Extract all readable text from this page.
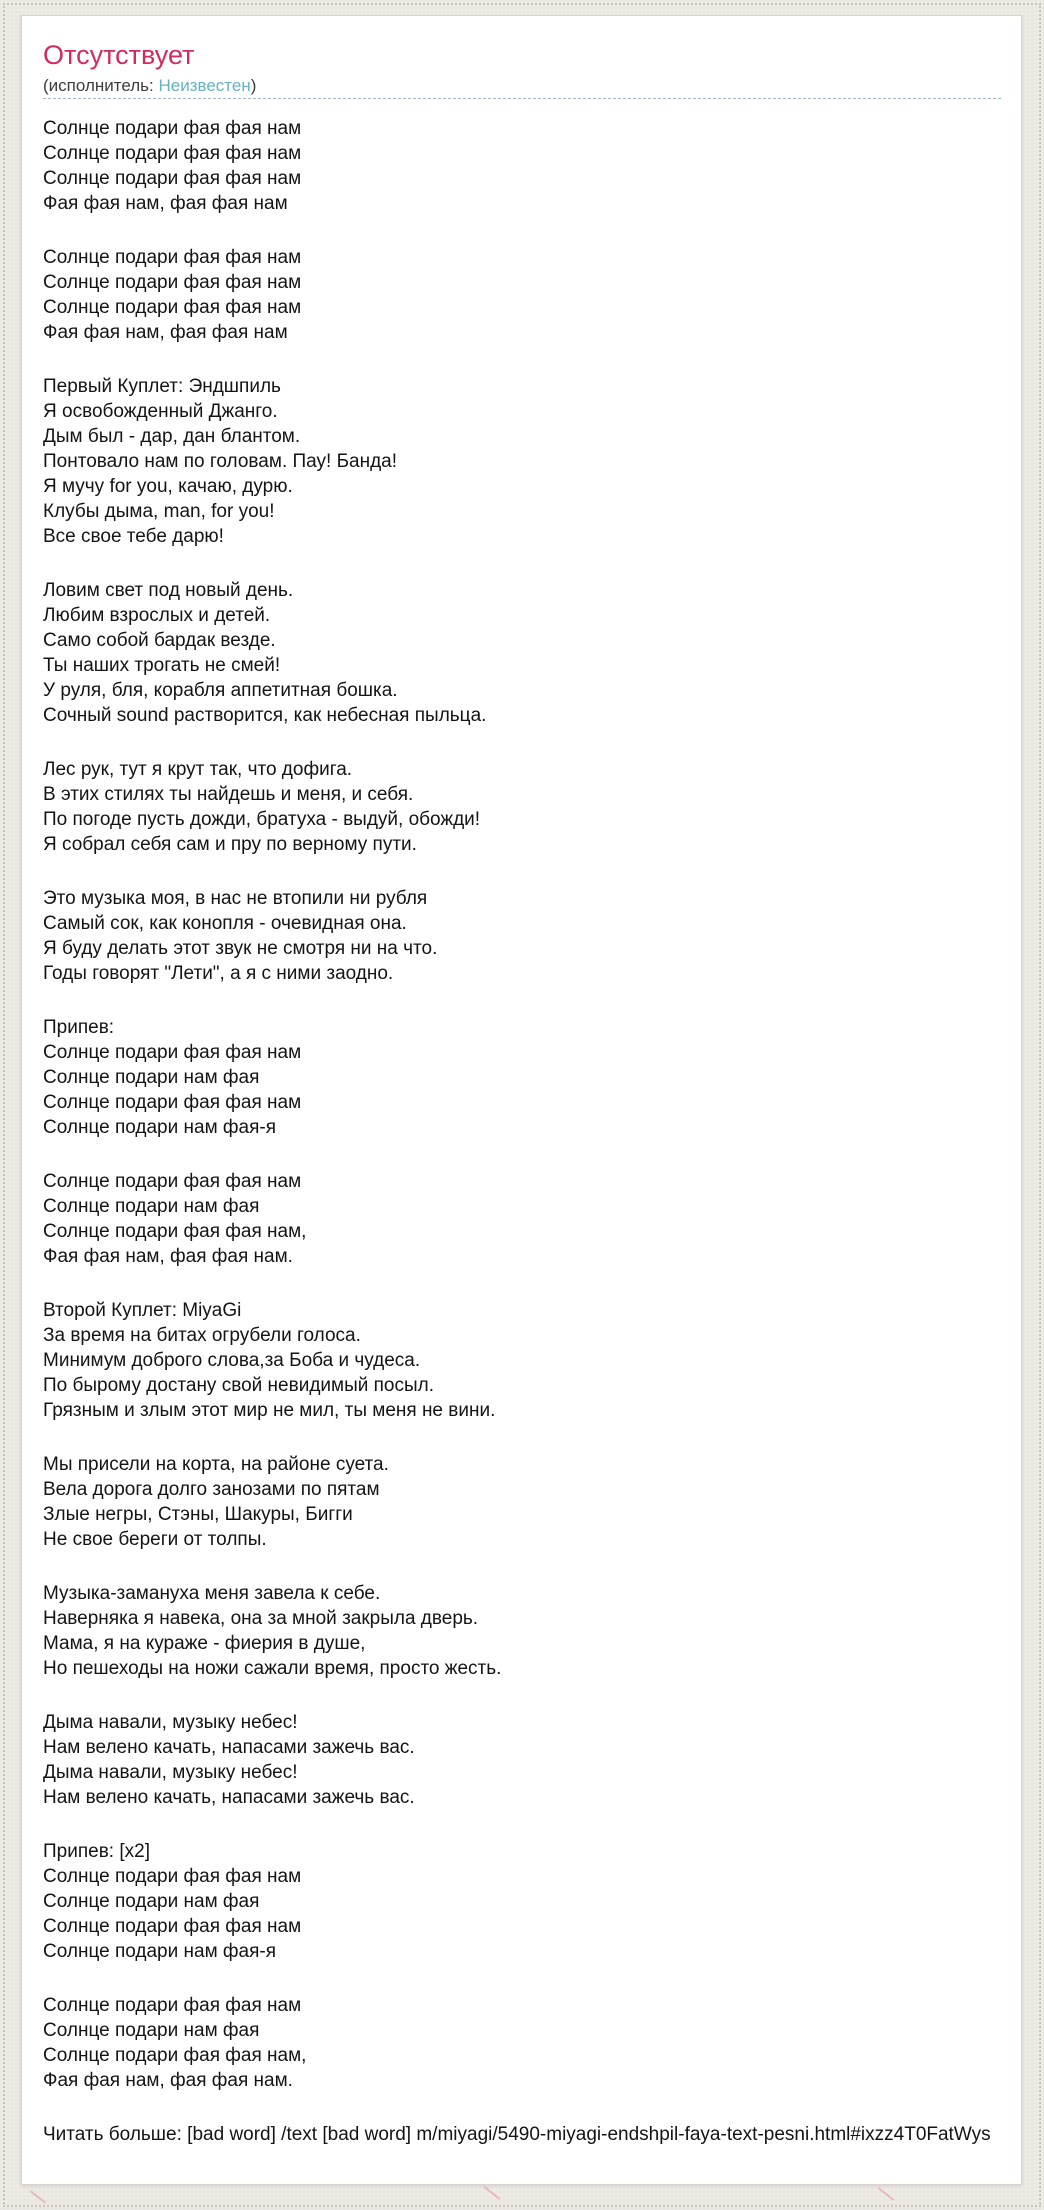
Отсутствует
(исполнитель: Неизвестен)
Солнце подари фая фая нам
Солнце подари фая фая нам
Солнце подари фая фая нам
Фая фая нам, фая фая нам
Солнце подари фая фая нам
Солнце подари фая фая нам
Солнце подари фая фая нам
Фая фая нам, фая фая нам
Первый Куплет: Эндшпиль
Я освобожденный Джанго.
Дым был - дар, дан блантом.
Понтовало нам по головам. Пау! Банда!
Я мучу for you, качаю, дурю.
Клубы дыма, man, for you!
Все свое тебе дарю!
Ловим свет под новый день.
Любим взрослых и детей.
Само собой бардак везде.
Ты наших трогать не смей!
У руля, бля, корабля аппетитная бошка.
Сочный sound растворится, как небесная пыльца.
Лес рук, тут я крут так, что дофига.
В этих стилях ты найдешь и меня, и себя.
По погоде пусть дожди, братуха - выдуй, обожди!
Я собрал себя сам и пру по верному пути.
Это музыка моя, в нас не втопили ни рубля
Самый сок, как конопля - очевидная она.
Я буду делать этот звук не смотря ни на что.
Годы говорят "Лети", а я с ними заодно.
Припев:
Солнце подари фая фая нам
Солнце подари нам фая
Солнце подари фая фая нам
Солнце подари нам фая-я
Солнце подари фая фая нам
Солнце подари нам фая
Солнце подари фая фая нам,
Фая фая нам, фая фая нам.
Второй Куплет: MiyaGi
За время на битах огрубели голоса.
Минимум доброго слова,за Боба и чудеса.
По бырому достану свой невидимый посыл.
Грязным и злым этот мир не мил, ты меня не вини.
Мы присели на корта, на районе суета.
Вела дорога долго занозами по пятам
Злые негры, Стэны, Шакуры, Бигги
Не свое береги от толпы.
Музыка-замануха меня завела к себе.
Наверняка я навека, она за мной закрыла дверь.
Мама, я на кураже - фиерия в душе,
Но пешеходы на ножи сажали время, просто жесть.
Дыма навали, музыку небес!
Нам велено качать, напасами зажечь вас.
Дыма навали, музыку небес!
Нам велено качать, напасами зажечь вас.
Припев: [x2]
Солнце подари фая фая нам
Солнце подари нам фая
Солнце подари фая фая нам
Солнце подари нам фая-я
Солнце подари фая фая нам
Солнце подари нам фая
Солнце подари фая фая нам,
Фая фая нам, фая фая нам.
Читать больше: [bad word] /text [bad word] m/miyagi/5490-miyagi-endshpil-faya-text-pesni.html#ixzz4T0FatWys
